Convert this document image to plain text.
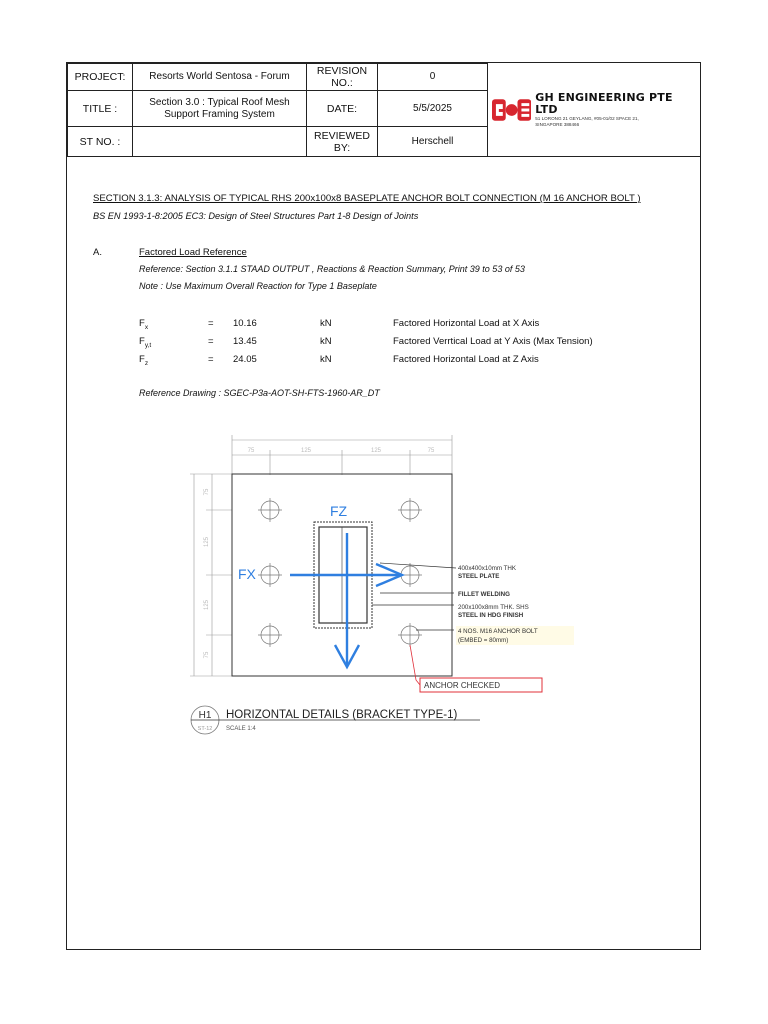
PROJECT:	Resorts World Sentosa - Forum	REVISION NO.:	0	GH ENGINEERING PTE LTD
51 LORONG 21 GEYLANG, #05-01/02 SPACE 21,
SINGAPORE 388466

TITLE :	Section 3.0 : Typical Roof Mesh Support Framing System	DATE:	5/5/2025	
ST NO. :		REVIEWED BY:	Herschell	
SECTION 3.1.3: ANALYSIS OF TYPICAL RHS 200x100x8 BASEPLATE ANCHOR BOLT CONNECTION (M 16 ANCHOR BOLT )
BS EN 1993-1-8:2005 EC3: Design of Steel Structures Part 1-8 Design of Joints
A.	Factored Load Reference
Reference: Section 3.1.1 STAAD OUTPUT , Reactions & Reaction Summary, Print 39 to 53 of 53
Note : Use Maximum Overall Reaction for Type 1 Baseplate
$F_x$	= 10.16	kN	Factored Horizontal Load at X Axis
$F_{y,t}$	= 13.45	kN	Factored Verrtical Load at Y Axis (Max Tension)
$F_z$	= 24.05	kN	Factored Horizontal Load at Z Axis
Reference Drawing : SGEC-P3a-AOT-SH-FTS-1960-AR_DT
75	125	125	75
75
125
125
75
FZ
FX	400x400x10mm THK
STEEL PLATE
FILLET WELDING
200x100x8mm THK. SHS
STEEL IN HDG FINISH
4 NOS. M16 ANCHOR BOLT
(EMBED = 80mm)
ANCHOR CHECKED
H1
ST-12
HORIZONTAL DETAILS (BRACKET TYPE-1)
SCALE 1:4
